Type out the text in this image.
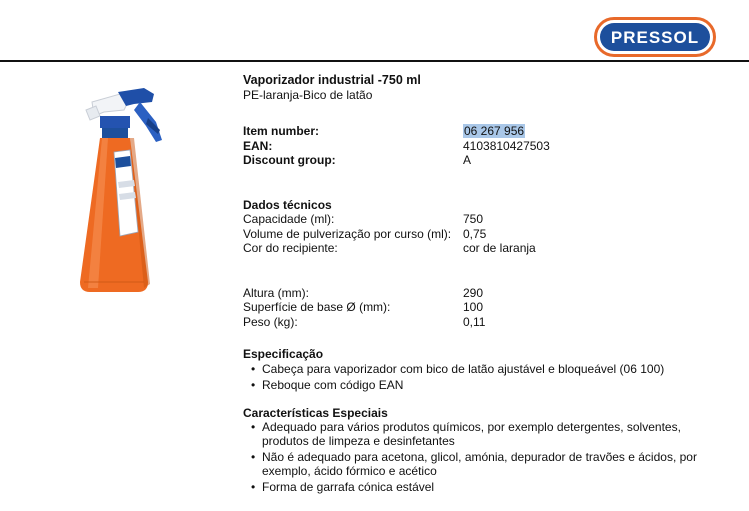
PRESSOL
Vaporizador industrial -750 ml
PE-laranja-Bico de latão
Item number:	06 267 956
EAN:	4103810427503
Discount group:	A
Dados técnicos
Capacidade (ml):	750
Volume de pulverização por curso (ml): 0,75
Cor do recipiente:	cor de laranja
Altura (mm):	290
Superfície de base Ø (mm):	100
Peso (kg):	0,11
Especificação
• Cabeça para vaporizador com bico de latão ajustável e bloqueável (06 100)
• Reboque com código EAN
Características Especiais
• Adequado para vários produtos químicos, por exemplo detergentes, solventes, produtos de limpeza e desinfetantes
• Não é adequado para acetona, glicol, amónia, depurador de travões e ácidos, por exemplo, ácido fórmico e acético
• Forma de garrafa cónica estável
